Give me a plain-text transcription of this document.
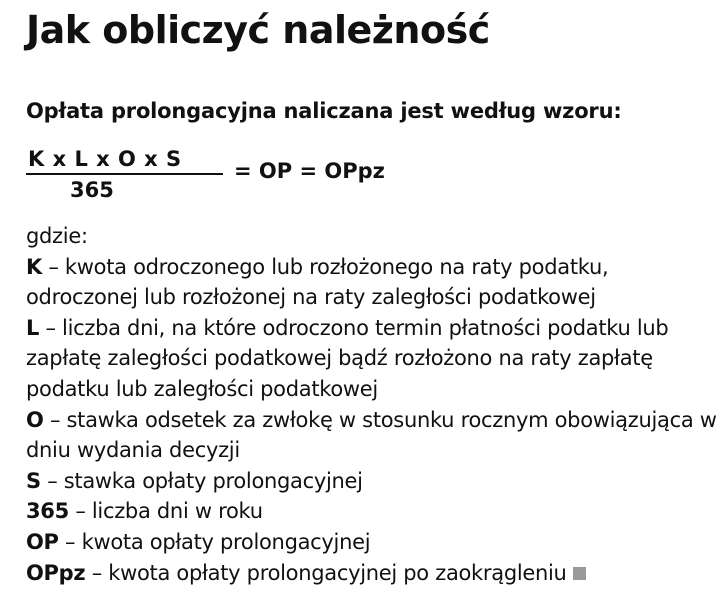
Jak obliczyć należność

Opłata prolongacyjna naliczana jest według wzoru:

K x L x O x S
365
= OP = OPpz
gdzie:
K – kwota odroczonego lub rozłożonego na raty podatku, odroczonej lub rozłożonej na raty zaległości podatkowej
L – liczba dni, na które odroczono termin płatności podatku lub zapłatę zaległości podatkowej bądź rozłożono na raty zapłatę podatku lub zaległości podatkowej
O – stawka odsetek za zwłokę w stosunku rocznym obowiązująca w dniu wydania decyzji
S – stawka opłaty prolongacyjnej
365 – liczba dni w roku
OP – kwota opłaty prolongacyjnej
OPpz – kwota opłaty prolongacyjnej po zaokrągleniu
